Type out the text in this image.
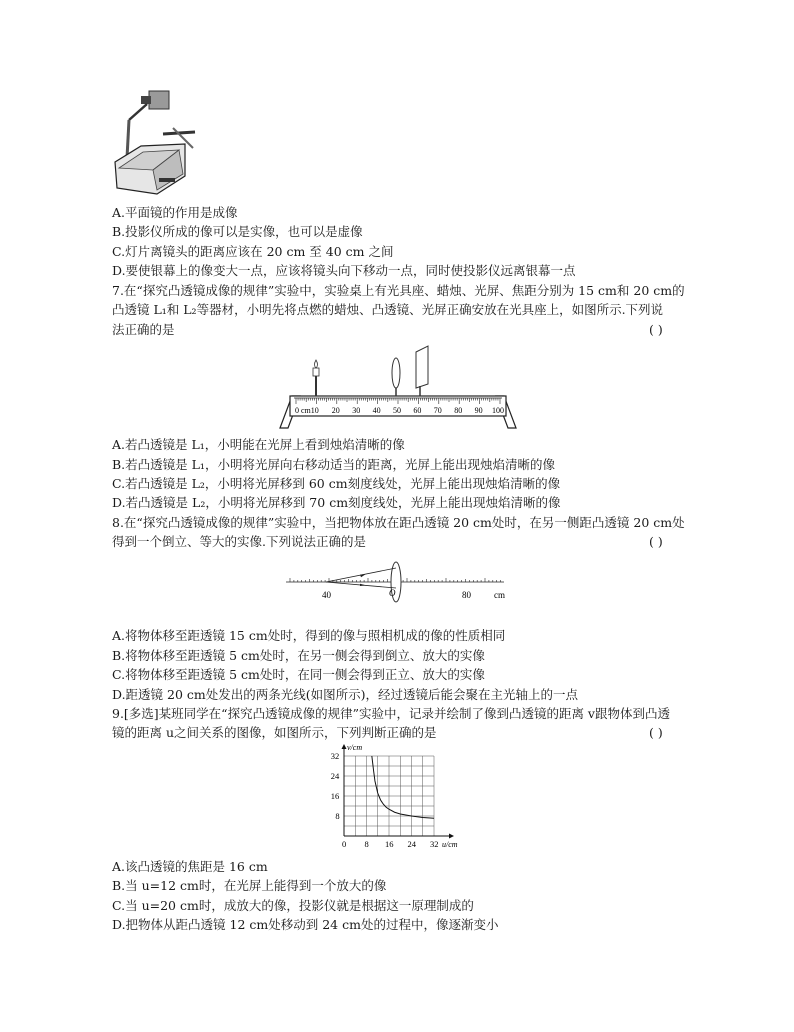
A.平面镜的作用是成像
B.投影仪所成的像可以是实像，也可以是虚像
C.灯片离镜头的距离应该在 20 cm 至 40 cm 之间
D.要使银幕上的像变大一点，应该将镜头向下移动一点，同时使投影仪远离银幕一点
7.在“探究凸透镜成像的规律”实验中，实验桌上有光具座、蜡烛、光屏、焦距分别为 15 cm和 20 cm的
凸透镜 L₁和 L₂等器材，小明先将点燃的蜡烛、凸透镜、光屏正确安放在光具座上，如图所示.下列说
法正确的是	( )
0 cm10 20 30 40 50 60 70 80 90 100
A.若凸透镜是 L₁，小明能在光屏上看到烛焰清晰的像
B.若凸透镜是 L₁，小明将光屏向右移动适当的距离，光屏上能出现烛焰清晰的像
C.若凸透镜是 L₂，小明将光屏移到 60 cm刻度线处，光屏上能出现烛焰清晰的像
D.若凸透镜是 L₂，小明将光屏移到 70 cm刻度线处，光屏上能出现烛焰清晰的像
8.在“探究凸透镜成像的规律”实验中，当把物体放在距凸透镜 20 cm处时，在另一侧距凸透镜 20 cm处
得到一个倒立、等大的实像.下列说法正确的是	( )
40	O	80	cm
A.将物体移至距透镜 15 cm处时，得到的像与照相机成的像的性质相同
B.将物体移至距透镜 5 cm处时，在另一侧会得到倒立、放大的实像
C.将物体移至距透镜 5 cm处时，在同一侧会得到正立、放大的实像
D.距透镜 20 cm处发出的两条光线(如图所示)，经过透镜后能会聚在主光轴上的一点
9.[多选]某班同学在“探究凸透镜成像的规律”实验中，记录并绘制了像到凸透镜的距离 v跟物体到凸透
镜的距离 u之间关系的图像，如图所示，下列判断正确的是	( )
0 8 16 24 32
8
16
24
32
u/cm
v/cm
A.该凸透镜的焦距是 16 cm
B.当 u=12 cm时，在光屏上能得到一个放大的像
C.当 u=20 cm时，成放大的像，投影仪就是根据这一原理制成的
D.把物体从距凸透镜 12 cm处移动到 24 cm处的过程中，像逐渐变小
